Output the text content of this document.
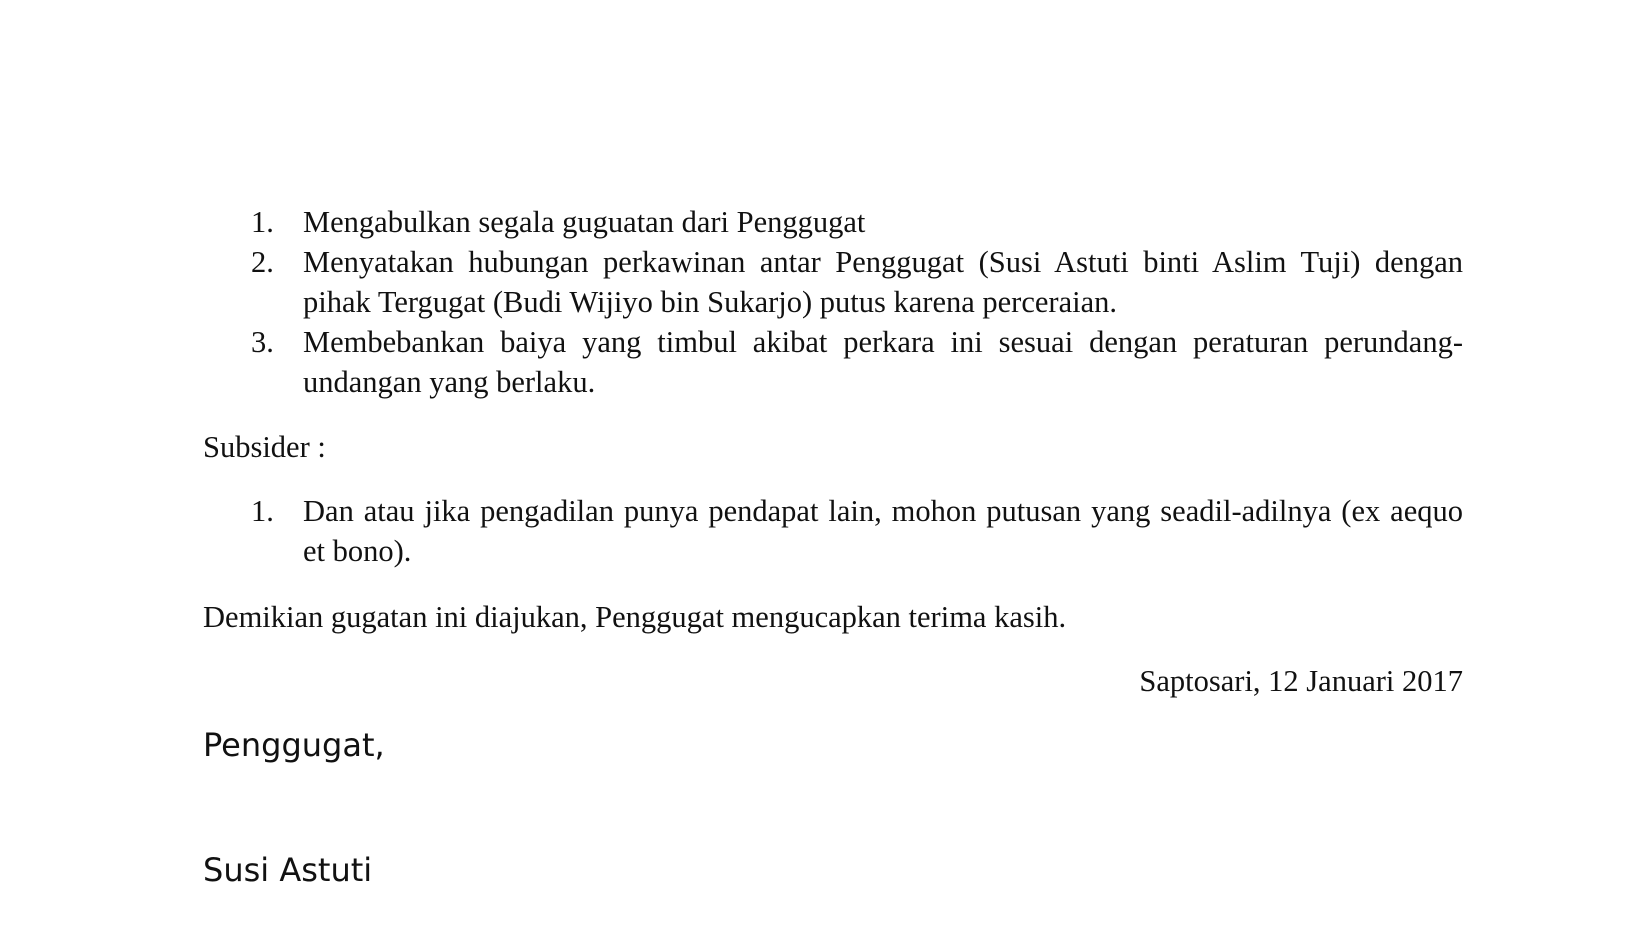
1. Mengabulkan segala guguatan dari Penggugat
2. Menyatakan hubungan perkawinan antar Penggugat (Susi Astuti binti Aslim Tuji) dengan pihak Tergugat (Budi Wijiyo bin Sukarjo) putus karena perceraian.
3. Membebankan baiya yang timbul akibat perkara ini sesuai dengan peraturan perundang-undangan yang berlaku.
Subsider :
1. Dan atau jika pengadilan punya pendapat lain, mohon putusan yang seadil-adilnya (ex aequo et bono).
Demikian gugatan ini diajukan, Penggugat mengucapkan terima kasih.
Saptosari, 12 Januari 2017
Penggugat,
Susi Astuti
